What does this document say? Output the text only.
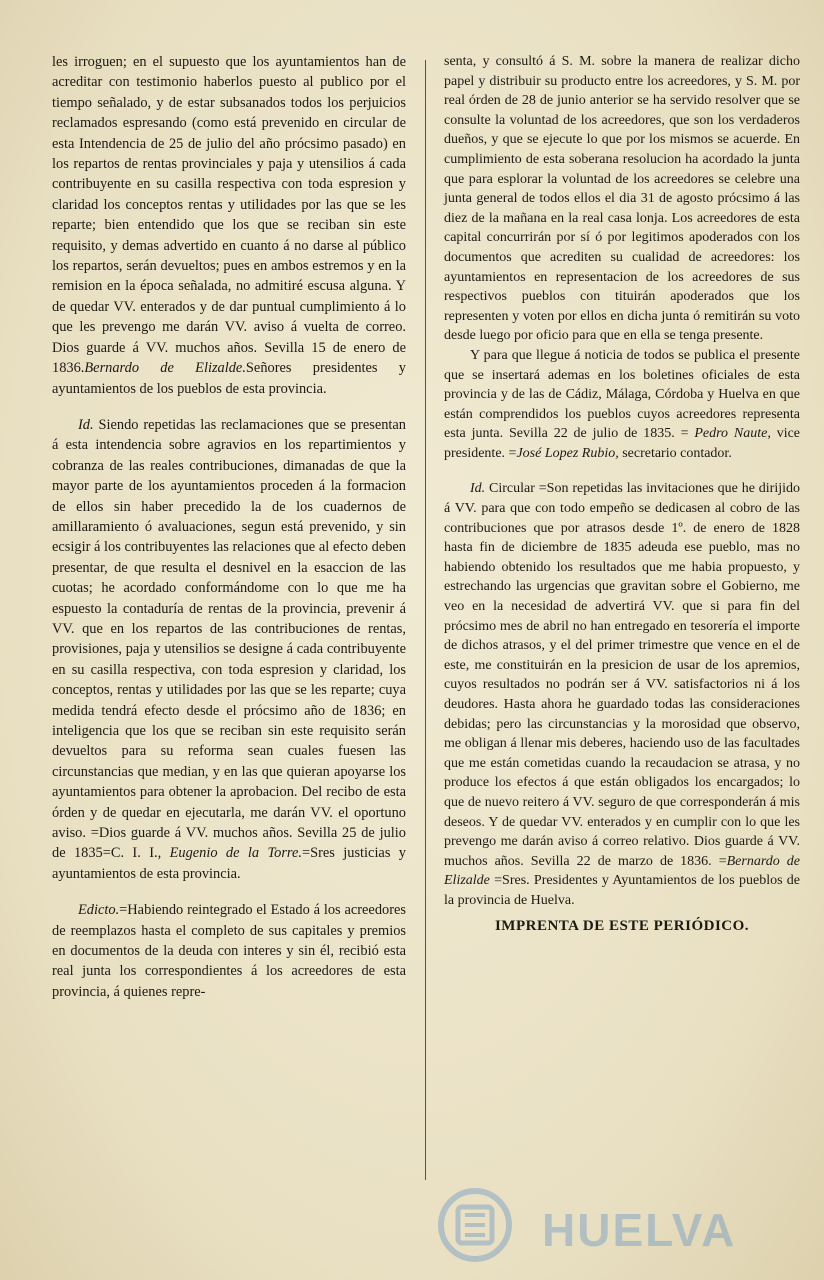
les irroguen; en el supuesto que los ayuntamientos han de acreditar con testimonio haberlos puesto al publico por el tiempo señalado, y de estar subsanados todos los perjuicios reclamados espresando (como está prevenido en circular de esta Intendencia de 25 de julio del año prócsimo pasado) en los repartos de rentas provinciales y paja y utensilios á cada contribuyente en su casilla respectiva con toda espresion y claridad los conceptos rentas y utilidades por las que se les reparte; bien entendido que los que se reciban sin este requisito, y demas advertido en cuanto á no darse al público los repartos, serán devueltos; pues en ambos estremos y en la remision en la época señalada, no admitiré escusa alguna. Y de quedar VV. enterados y de dar puntual cumplimiento á lo que les prevengo me darán VV. aviso á vuelta de correo. Dios guarde á VV. muchos años. Sevilla 15 de enero de 1836.Bernardo de Elizalde.Señores presidentes y ayuntamientos de los pueblos de esta provincia.

Id. Siendo repetidas las reclamaciones que se presentan á esta intendencia sobre agravios en los repartimientos y cobranza de las reales contribuciones, dimanadas de que la mayor parte de los ayuntamientos proceden á la formacion de ellos sin haber precedido la de los cuadernos de amillaramiento ó avaluaciones, segun está prevenido, y sin ecsigir á los contribuyentes las relaciones que al efecto deben presentar, de que resulta el desnivel en la esaccion de las cuotas; he acordado conformándome con lo que me ha espuesto la contaduría de rentas de la provincia, prevenir á VV. que en los repartos de las contribuciones de rentas, provisiones, paja y utensilios se designe á cada contribuyente en su casilla respectiva, con toda espresion y claridad, los conceptos, rentas y utilidades por las que se les reparte; cuya medida tendrá efecto desde el prócsimo año de 1836; en inteligencia que los que se reciban sin este requisito serán devueltos para su reforma sean cuales fuesen las circunstancias que median, y en las que quieran apoyarse los ayuntamientos para obtener la aprobacion. Del recibo de esta órden y de quedar en ejecutarla, me darán VV. el oportuno aviso. =Dios guarde á VV. muchos años. Sevilla 25 de julio de 1835=C. I. I., Eugenio de la Torre.=Sres justicias y ayuntamientos de esta provincia.

Edicto.=Habiendo reintegrado el Estado á los acreedores de reemplazos hasta el completo de sus capitales y premios en documentos de la deuda con interes y sin él, recibió esta real junta los correspondientes á los acreedores de esta provincia, á quienes repre-

senta, y consultó á S. M. sobre la manera de realizar dicho papel y distribuir su producto entre los acreedores, y S. M. por real órden de 28 de junio anterior se ha servido resolver que se consulte la voluntad de los acreedores, que son los verdaderos dueños, y que se ejecute lo que por los mismos se acuerde. En cumplimiento de esta soberana resolucion ha acordado la junta que para esplorar la voluntad de los acreedores se celebre una junta general de todos ellos el dia 31 de agosto prócsimo á las diez de la mañana en la real casa lonja. Los acreedores de esta capital concurrirán por sí ó por legitimos apoderados con los documentos que acrediten su cualidad de acreedores: los ayuntamientos en representacion de los acreedores de sus respectivos pueblos con tituirán apoderados que los representen y voten por ellos en dicha junta ó remitirán su voto desde luego por oficio para que en ella se tenga presente.

Y para que llegue á noticia de todos se publica el presente que se insertará ademas en los boletines oficiales de esta provincia y de las de Cádiz, Málaga, Córdoba y Huelva en que están comprendidos los pueblos cuyos acreedores representa esta junta. Sevilla 22 de julio de 1835. = Pedro Naute, vice presidente. =José Lopez Rubio, secretario contador.

Id. Circular =Son repetidas las invitaciones que he dirijido á VV. para que con todo empeño se dedicasen al cobro de las contribuciones que por atrasos desde 1º. de enero de 1828 hasta fin de diciembre de 1835 adeuda ese pueblo, mas no habiendo obtenido los resultados que me habia propuesto, y estrechando las urgencias que gravitan sobre el Gobierno, me veo en la necesidad de advertirá VV. que si para fin del prócsimo mes de abril no han entregado en tesorería el importe de dichos atrasos, y el del primer trimestre que vence en el de este, me constituirán en la presicion de usar de los apremios, cuyos resultados no podrán ser á VV. satisfactorios ni á los deudores. Hasta ahora he guardado todas las consideraciones debidas; pero las circunstancias y la morosidad que observo, me obligan á llenar mis deberes, haciendo uso de las facultades que me están cometidas cuando la recaudacion se atrasa, y no produce los efectos á que están obligados los encargados; lo que de nuevo reitero á VV. seguro de que corresponderán á mis deseos. Y de quedar VV. enterados y en cumplir con lo que les prevengo me darán aviso á correo relativo. Dios guarde á VV. muchos años. Sevilla 22 de marzo de 1836. =Bernardo de Elizalde =Sres. Presidentes y Ayuntamientos de los pueblos de la provincia de Huelva.

IMPRENTA DE ESTE PERIÓDICO.

HUELVA
